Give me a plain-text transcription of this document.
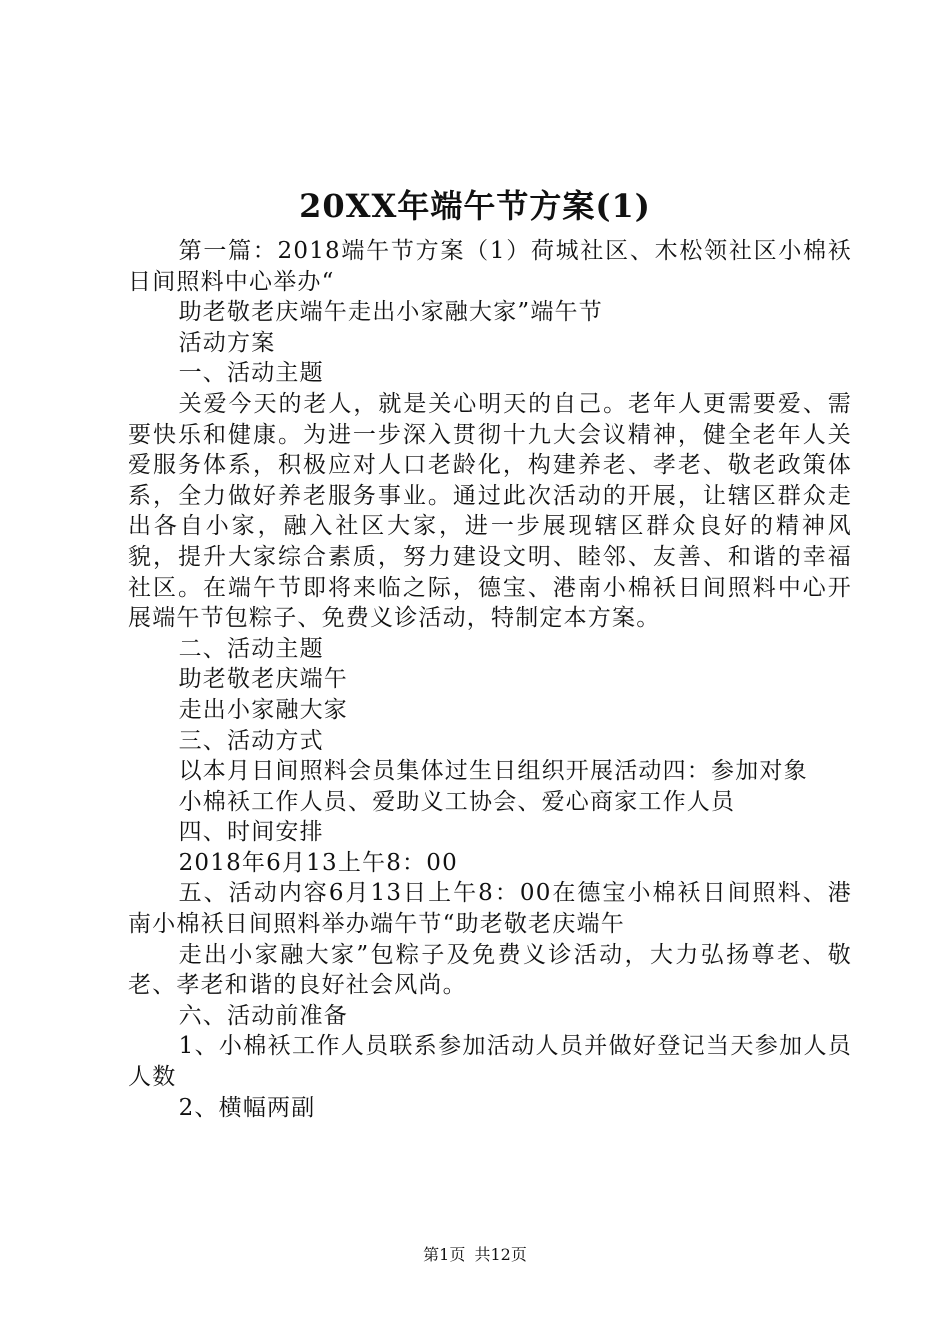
20XX年端午节方案(1)

第一篇：2018端午节方案（1）荷城社区、木松领社区小棉袄日间照料中心举办“

助老敬老庆端午走出小家融大家”端午节

活动方案

一、活动主题

关爱今天的老人，就是关心明天的自己。老年人更需要爱、需要快乐和健康。为进一步深入贯彻十九大会议精神，健全老年人关爱服务体系，积极应对人口老龄化，构建养老、孝老、敬老政策体系，全力做好养老服务事业。通过此次活动的开展，让辖区群众走出各自小家，融入社区大家，进一步展现辖区群众良好的精神风貌，提升大家综合素质，努力建设文明、睦邻、友善、和谐的幸福社区。在端午节即将来临之际，德宝、港南小棉袄日间照料中心开展端午节包粽子、免费义诊活动，特制定本方案。

二、活动主题

助老敬老庆端午

走出小家融大家

三、活动方式

以本月日间照料会员集体过生日组织开展活动四：参加对象

小棉袄工作人员、爱助义工协会、爱心商家工作人员

四、时间安排

2018年6月13上午8：00

五、活动内容6月13日上午8：00在德宝小棉袄日间照料、港南小棉袄日间照料举办端午节“助老敬老庆端午

走出小家融大家”包粽子及免费义诊活动，大力弘扬尊老、敬老、孝老和谐的良好社会风尚。

六、活动前准备

1、小棉袄工作人员联系参加活动人员并做好登记当天参加人员人数

2、横幅两副

第1页 共12页
